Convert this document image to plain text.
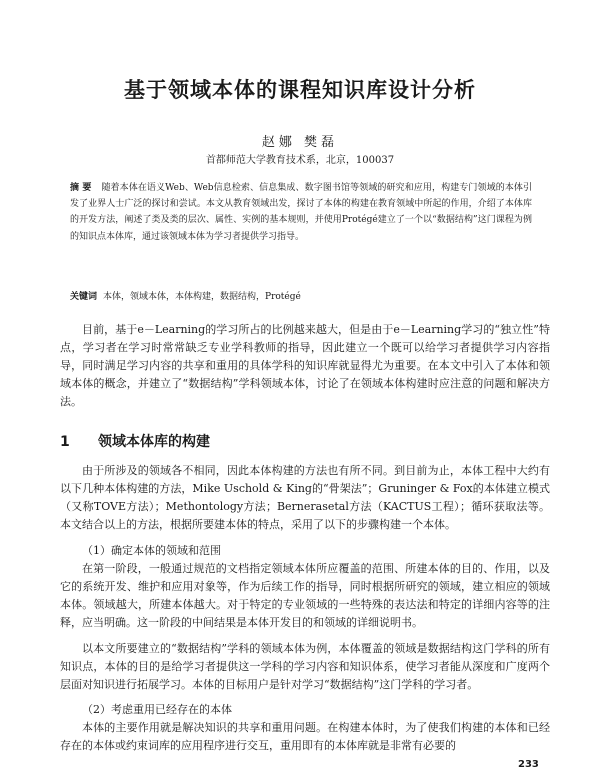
基于领域本体的课程知识库设计分析
赵娜 樊磊
首都师范大学教育技术系，北京，100037

摘 要 随着本体在语义Web、Web信息检索、信息集成、数字图书馆等领域的研究和应用，构建专门领域的本体引发了业界人士广泛的探讨和尝试。本文从教育领域出发，探讨了本体的构建在教育领域中所起的作用，介绍了本体库的开发方法，阐述了类及类的层次、属性、实例的基本规则，并使用Protégé建立了一个以“数据结构”这门课程为例的知识点本体库，通过该领域本体为学习者提供学习指导。

关键词 本体，领域本体，本体构建，数据结构，Protégé

目前，基于e－Learning的学习所占的比例越来越大，但是由于e－Learning学习的“独立性”特点，学习者在学习时常常缺乏专业学科教师的指导，因此建立一个既可以给学习者提供学习内容指导，同时满足学习内容的共享和重用的具体学科的知识库就显得尤为重要。在本文中引入了本体和领域本体的概念，并建立了“数据结构”学科领域本体，讨论了在领域本体构建时应注意的问题和解决方法。

1 领域本体库的构建

由于所涉及的领域各不相同，因此本体构建的方法也有所不同。到目前为止，本体工程中大约有以下几种本体构建的方法，Mike Uschold & King的“骨架法”；Gruninger & Fox的本体建立模式（又称TOVE方法）；Methontology方法；Bernerasetal方法（KACTUS工程）；循环获取法等。本文结合以上的方法，根据所要建本体的特点，采用了以下的步骤构建一个本体。

（1）确定本体的领域和范围

在第一阶段，一般通过规范的文档指定领域本体所应覆盖的范围、所建本体的目的、作用，以及它的系统开发、维护和应用对象等，作为后续工作的指导，同时根据所研究的领域，建立相应的领域本体。领域越大，所建本体越大。对于特定的专业领域的一些特殊的表达法和特定的详细内容等的注释，应当明确。这一阶段的中间结果是本体开发目的和领域的详细说明书。

以本文所要建立的“数据结构”学科的领域本体为例，本体覆盖的领域是数据结构这门学科的所有知识点，本体的目的是给学习者提供这一学科的学习内容和知识体系，使学习者能从深度和广度两个层面对知识进行拓展学习。本体的目标用户是针对学习“数据结构”这门学科的学习者。

（2）考虑重用已经存在的本体

本体的主要作用就是解决知识的共享和重用问题。在构建本体时，为了使我们构建的本体和已经存在的本体或约束词库的应用程序进行交互，重用即有的本体库就是非常有必要的

233
